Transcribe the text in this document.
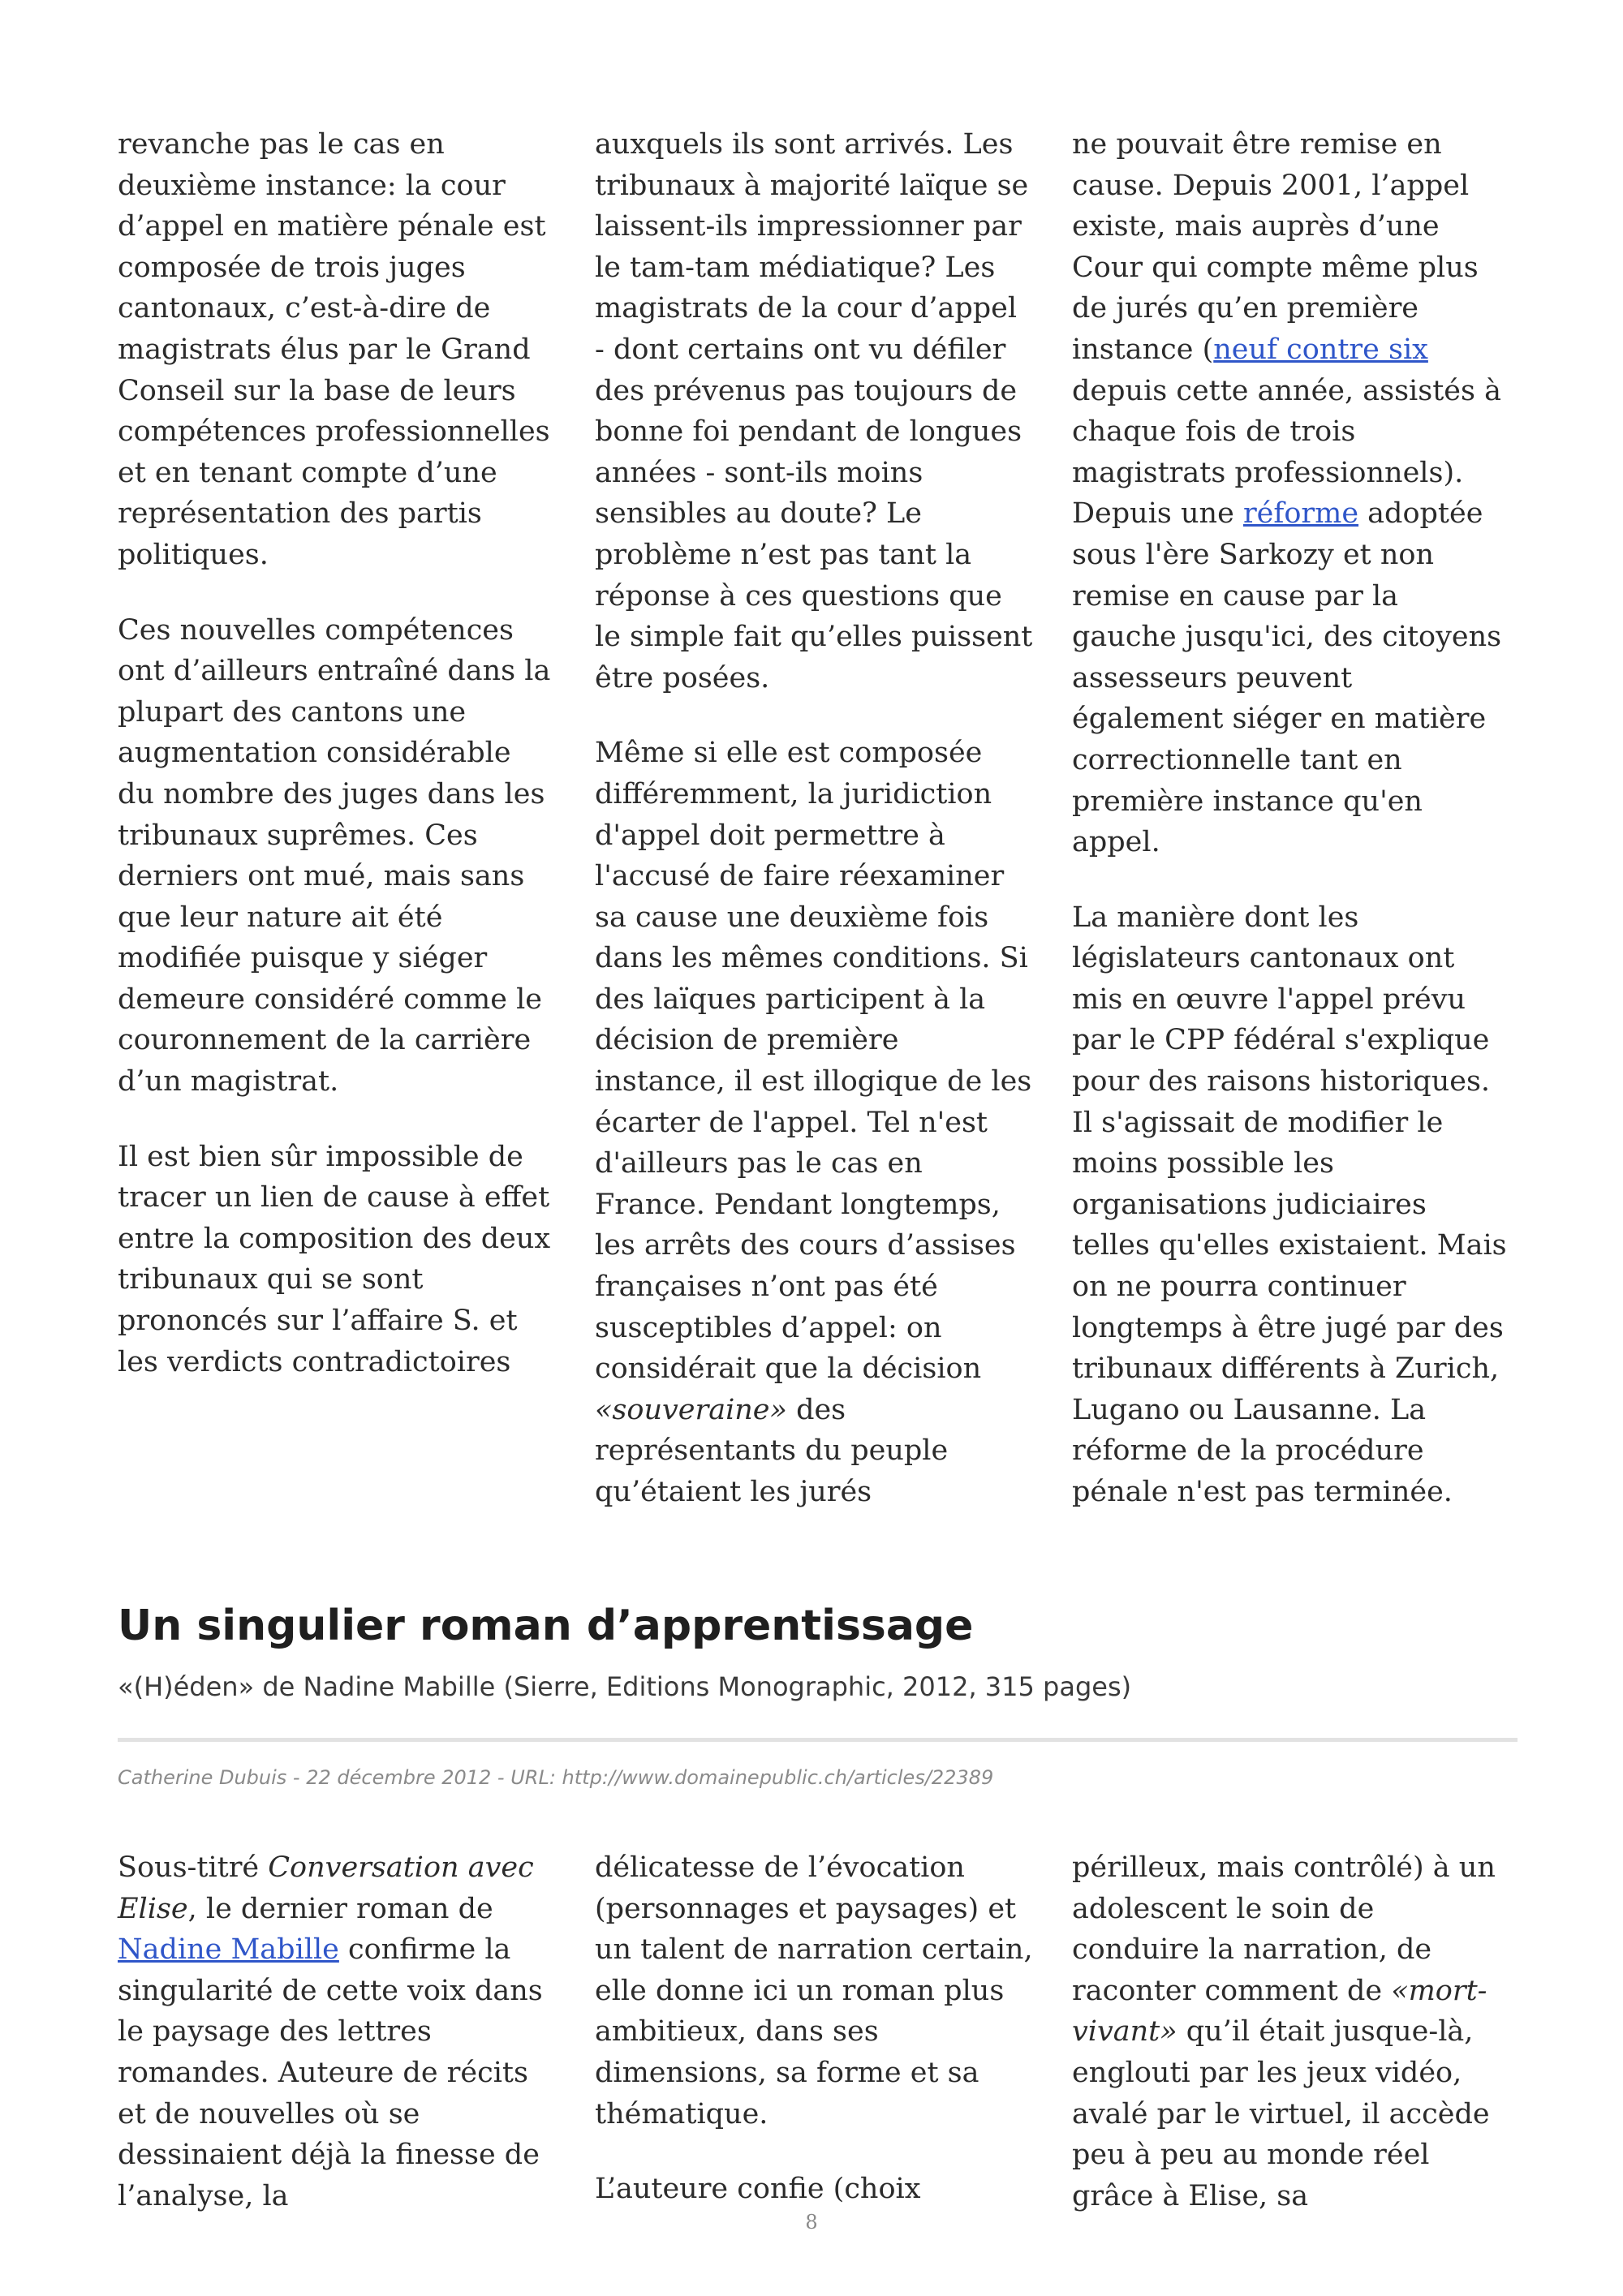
revanche pas le cas en deuxième instance: la cour d’appel en matière pénale est composée de trois juges cantonaux, c’est-à-dire de magistrats élus par le Grand Conseil sur la base de leurs compétences professionnelles et en tenant compte d’une représentation des partis politiques.

Ces nouvelles compétences ont d’ailleurs entraîné dans la plupart des cantons une augmentation considérable du nombre des juges dans les tribunaux suprêmes. Ces derniers ont mué, mais sans que leur nature ait été modifiée puisque y siéger demeure considéré comme le couronnement de la carrière d’un magistrat.

Il est bien sûr impossible de tracer un lien de cause à effet entre la composition des deux tribunaux qui se sont prononcés sur l’affaire S. et les verdicts contradictoires

auxquels ils sont arrivés. Les tribunaux à majorité laïque se laissent-ils impressionner par le tam-tam médiatique? Les magistrats de la cour d’appel - dont certains ont vu défiler des prévenus pas toujours de bonne foi pendant de longues années - sont-ils moins sensibles au doute? Le problème n’est pas tant la réponse à ces questions que le simple fait qu’elles puissent être posées.

Même si elle est composée différemment, la juridiction d'appel doit permettre à l'accusé de faire réexaminer sa cause une deuxième fois dans les mêmes conditions. Si des laïques participent à la décision de première instance, il est illogique de les écarter de l'appel. Tel n'est d'ailleurs pas le cas en France. Pendant longtemps, les arrêts des cours d’assises françaises n’ont pas été susceptibles d’appel: on considérait que la décision «souveraine» des représentants du peuple qu’étaient les jurés

ne pouvait être remise en cause. Depuis 2001, l’appel existe, mais auprès d’une Cour qui compte même plus de jurés qu’en première instance (neuf contre six depuis cette année, assistés à chaque fois de trois magistrats professionnels). Depuis une réforme adoptée sous l'ère Sarkozy et non remise en cause par la gauche jusqu'ici, des citoyens assesseurs peuvent également siéger en matière correctionnelle tant en première instance qu'en appel.

La manière dont les législateurs cantonaux ont mis en œuvre l'appel prévu par le CPP fédéral s'explique pour des raisons historiques. Il s'agissait de modifier le moins possible les organisations judiciaires telles qu'elles existaient. Mais on ne pourra continuer longtemps à être jugé par des tribunaux différents à Zurich, Lugano ou Lausanne. La réforme de la procédure pénale n'est pas terminée.

Un singulier roman d’apprentissage
«(H)éden» de Nadine Mabille (Sierre, Editions Monographic, 2012, 315 pages)
Catherine Dubuis - 22 décembre 2012 - URL: http://www.domainepublic.ch/articles/22389

Sous-titré Conversation avec Elise, le dernier roman de Nadine Mabille confirme la singularité de cette voix dans le paysage des lettres romandes. Auteure de récits et de nouvelles où se dessinaient déjà la finesse de l’analyse, la

délicatesse de l’évocation (personnages et paysages) et un talent de narration certain, elle donne ici un roman plus ambitieux, dans ses dimensions, sa forme et sa thématique.

L’auteure confie (choix

périlleux, mais contrôlé) à un adolescent le soin de conduire la narration, de raconter comment de «mort-vivant» qu’il était jusque-là, englouti par les jeux vidéo, avalé par le virtuel, il accède peu à peu au monde réel grâce à Elise, sa

8
